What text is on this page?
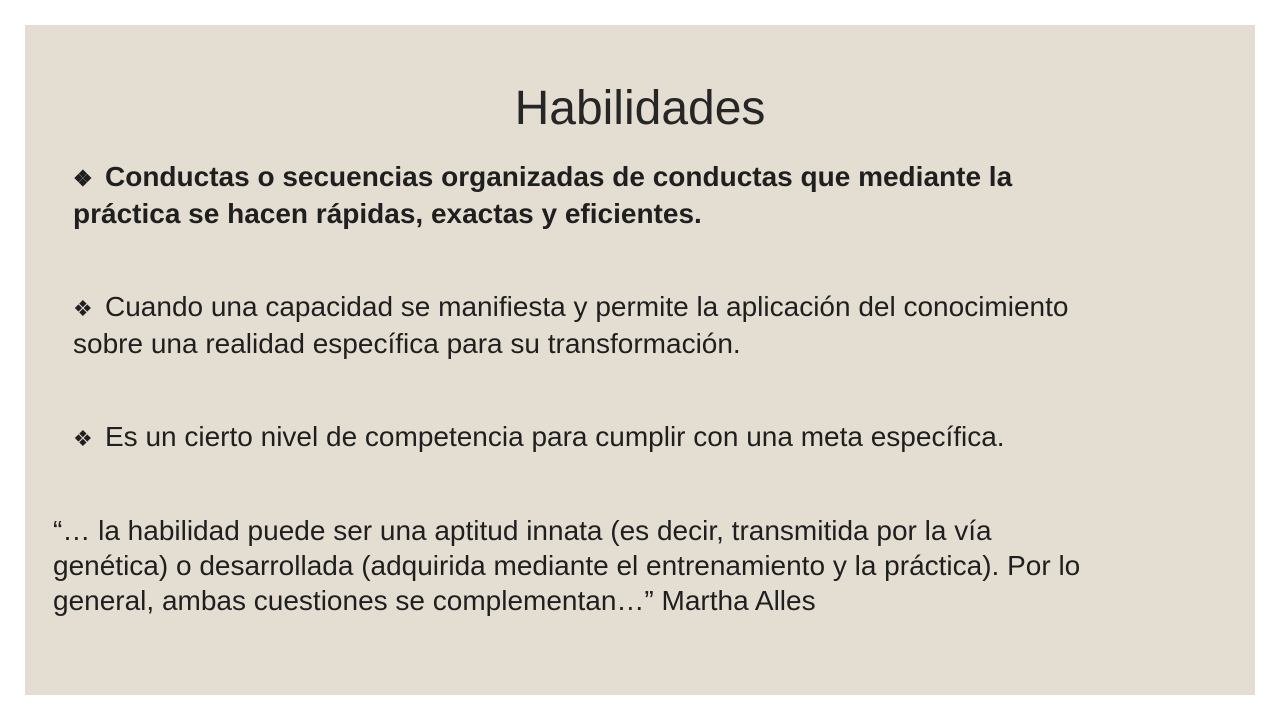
Habilidades
❖ Conductas o secuencias organizadas de conductas que mediante la
práctica se hacen rápidas, exactas y eficientes.
❖ Cuando una capacidad se manifiesta y permite la aplicación del conocimiento
sobre una realidad específica para su transformación.
❖ Es un cierto nivel de competencia para cumplir con una meta específica.
“… la habilidad puede ser una aptitud innata (es decir, transmitida por la vía
genética) o desarrollada (adquirida mediante el entrenamiento y la práctica). Por lo
general, ambas cuestiones se complementan…” Martha Alles
